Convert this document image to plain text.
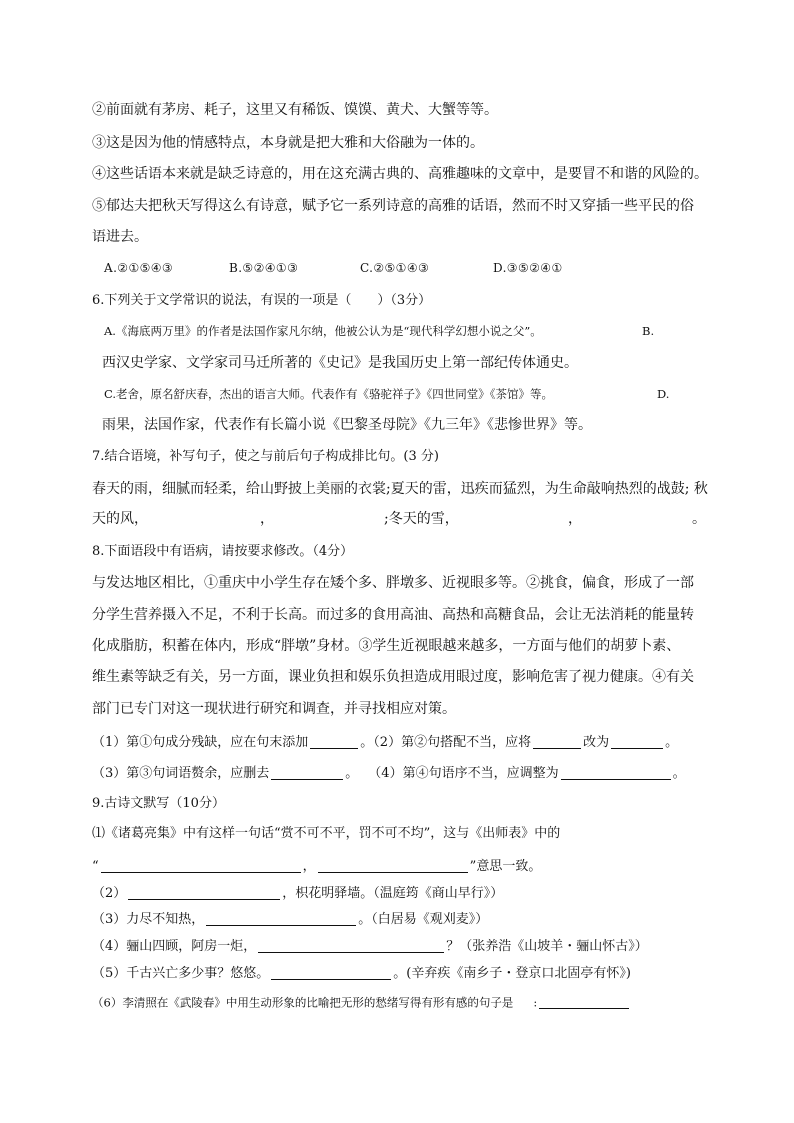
②前面就有茅房、耗子，这里又有稀饭、馍馍、黄犬、大蟹等等。
③这是因为他的情感特点，本身就是把大雅和大俗融为一体的。
④这些话语本来就是缺乏诗意的，用在这充满古典的、高雅趣味的文章中，是要冒不和谐的风险的。
⑤郁达夫把秋天写得这么有诗意，赋予它一系列诗意的高雅的话语，然而不时又穿插一些平民的俗
语进去。
A.②①⑤④③	B.⑤②④①③	C.②⑤①④③	D.③⑤②④①
6.下列关于文学常识的说法，有误的一项是（　　）（3分）
A.《海底两万里》的作者是法国作家凡尔纳，他被公认为是“现代科学幻想小说之父”。	B.
西汉史学家、文学家司马迁所著的《史记》是我国历史上第一部纪传体通史。
C.老舍，原名舒庆春，杰出的语言大师。代表作有《骆驼祥子》《四世同堂》《茶馆》等。	D.
雨果，法国作家，代表作有长篇小说《巴黎圣母院》《九三年》《悲惨世界》等。
7.结合语境，补写句子，使之与前后句子构成排比句。(3 分)
春天的雨，细腻而轻柔，给山野披上美丽的衣裳;夏天的雷，迅疾而猛烈，为生命敲响热烈的战鼓; 秋
天的风，	，	;冬天的雪，	，	。
8.下面语段中有语病，请按要求修改。（4分）
与发达地区相比，①重庆中小学生存在矮个多、胖墩多、近视眼多等。②挑食，偏食，形成了一部
分学生营养摄入不足，不利于长高。而过多的食用高油、高热和高糖食品，会让无法消耗的能量转
化成脂肪，积蓄在体内，形成“胖墩”身材。③学生近视眼越来越多，一方面与他们的胡萝卜素、
维生素等缺乏有关，另一方面，课业负担和娱乐负担造成用眼过度，影响危害了视力健康。④有关
部门已专门对这一现状进行研究和调查，并寻找相应对策。
（1）第①句成分残缺，应在句末添加	。（2）第②句搭配不当，应将	改为	。
（3）第③句词语赘余，应删去	。 （4）第④句语序不当，应调整为	。
9.古诗文默写（10分）
⑴《诸葛亮集》中有这样一句话“赏不可不平，罚不可不均”，这与《出师表》中的
“	，	”意思一致。
（2）	，枳花明驿墙。（温庭筠《商山早行》）
（3）力尽不知热，	。（白居易《观刈麦》）
（4）骊山四顾，阿房一炬，	？（张养浩《山坡羊・骊山怀古》）
（5）千古兴亡多少事？悠悠。	。(辛弃疾《南乡子・登京口北固亭有怀》)
（6）李清照在《武陵春》中用生动形象的比喻把无形的愁绪写得有形有感的句子是 :
